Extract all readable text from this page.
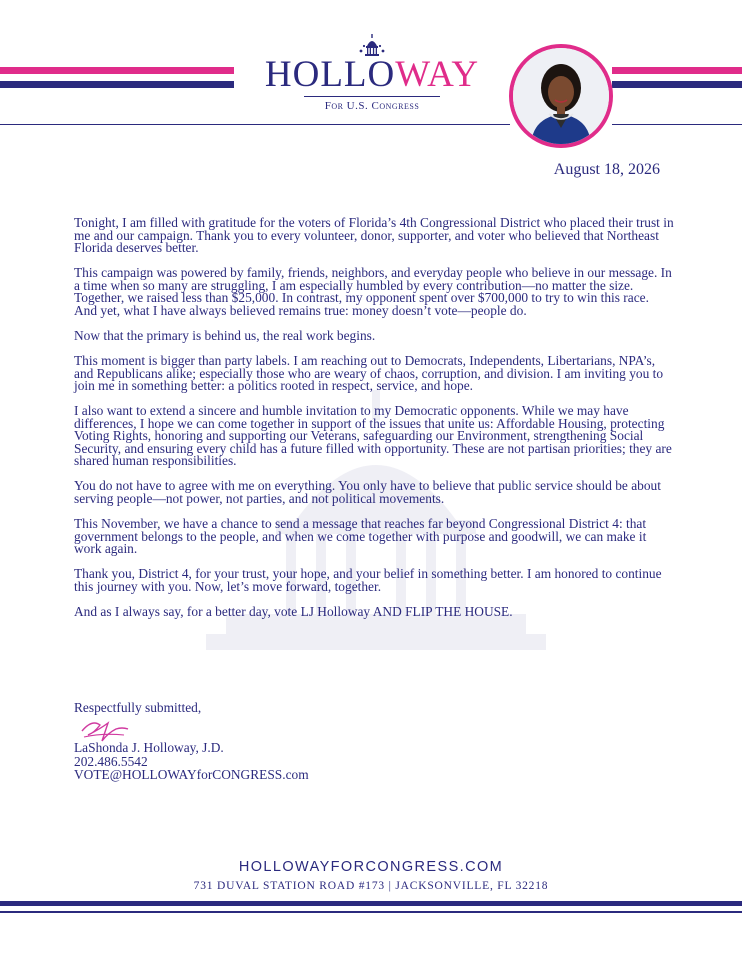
HOLLOWAY
For U.S. Congress
August 18, 2026

Tonight, I am filled with gratitude for the voters of Florida’s 4th Congressional District who placed their trust in me and our campaign. Thank you to every volunteer, donor, supporter, and voter who believed that Northeast Florida deserves better.

This campaign was powered by family, friends, neighbors, and everyday people who believe in our message. In a time when so many are struggling, I am especially humbled by every contribution—no matter the size. Together, we raised less than $25,000. In contrast, my opponent spent over $700,000 to try to win this race. And yet, what I have always believed remains true: money doesn’t vote—people do.

Now that the primary is behind us, the real work begins.

This moment is bigger than party labels. I am reaching out to Democrats, Independents, Libertarians, NPA’s, and Republicans alike; especially those who are weary of chaos, corruption, and division. I am inviting you to join me in something better: a politics rooted in respect, service, and hope.

I also want to extend a sincere and humble invitation to my Democratic opponents. While we may have differences, I hope we can come together in support of the issues that unite us: Affordable Housing, protecting Voting Rights, honoring and supporting our Veterans, safeguarding our Environment, strengthening Social Security, and ensuring every child has a future filled with opportunity. These are not partisan priorities; they are shared human responsibilities.

You do not have to agree with me on everything. You only have to believe that public service should be about serving people—not power, not parties, and not political movements.

This November, we have a chance to send a message that reaches far beyond Congressional District 4: that government belongs to the people, and when we come together with purpose and goodwill, we can make it work again.

Thank you, District 4, for your trust, your hope, and your belief in something better. I am honored to continue this journey with you. Now, let’s move forward, together.

And as I always say, for a better day, vote LJ Holloway AND FLIP THE HOUSE.

Respectfully submitted,
LaShonda J. Holloway, J.D.
202.486.5542
VOTE@HOLLOWAYforCONGRESS.com
HOLLOWAYFORCONGRESS.COM
731 DUVAL STATION ROAD #173 | JACKSONVILLE, FL 32218
